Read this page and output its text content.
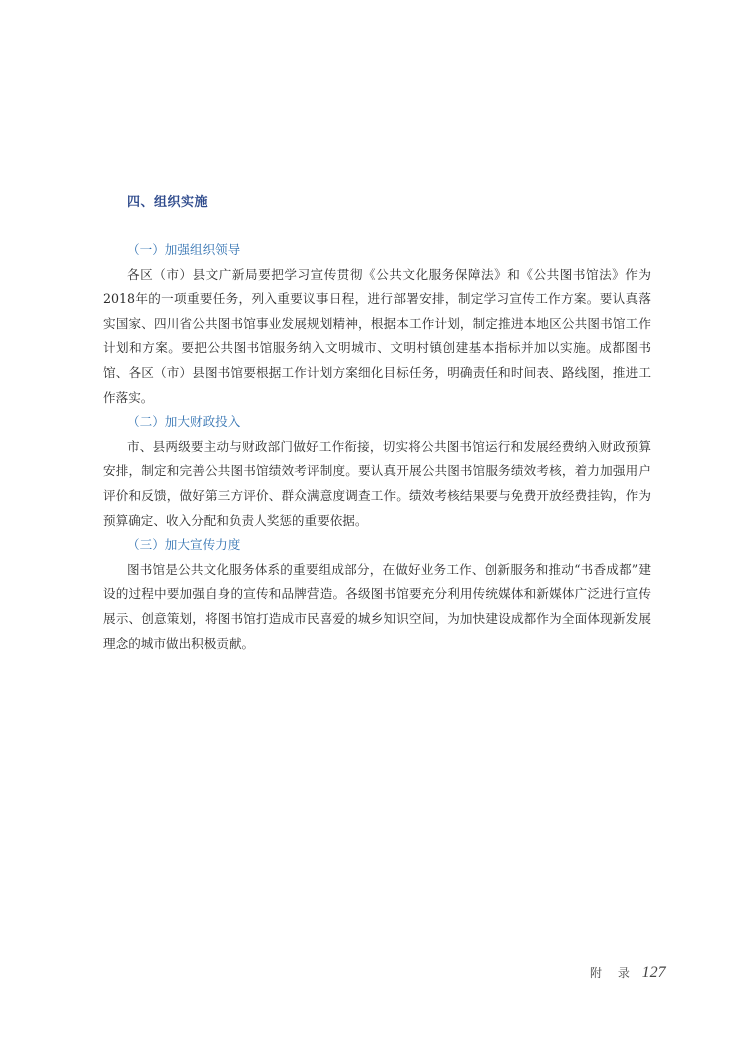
四、组织实施

（一）加强组织领导

各区（市）县文广新局要把学习宣传贯彻《公共文化服务保障法》和《公共图书馆法》作为2018年的一项重要任务，列入重要议事日程，进行部署安排，制定学习宣传工作方案。要认真落实国家、四川省公共图书馆事业发展规划精神，根据本工作计划，制定推进本地区公共图书馆工作计划和方案。要把公共图书馆服务纳入文明城市、文明村镇创建基本指标并加以实施。成都图书馆、各区（市）县图书馆要根据工作计划方案细化目标任务，明确责任和时间表、路线图，推进工作落实。

（二）加大财政投入

市、县两级要主动与财政部门做好工作衔接，切实将公共图书馆运行和发展经费纳入财政预算安排，制定和完善公共图书馆绩效考评制度。要认真开展公共图书馆服务绩效考核，着力加强用户评价和反馈，做好第三方评价、群众满意度调查工作。绩效考核结果要与免费开放经费挂钩，作为预算确定、收入分配和负责人奖惩的重要依据。

（三）加大宣传力度

图书馆是公共文化服务体系的重要组成部分，在做好业务工作、创新服务和推动“书香成都”建设的过程中要加强自身的宣传和品牌营造。各级图书馆要充分利用传统媒体和新媒体广泛进行宣传展示、创意策划，将图书馆打造成市民喜爱的城乡知识空间，为加快建设成都作为全面体现新发展理念的城市做出积极贡献。

附 录 127
